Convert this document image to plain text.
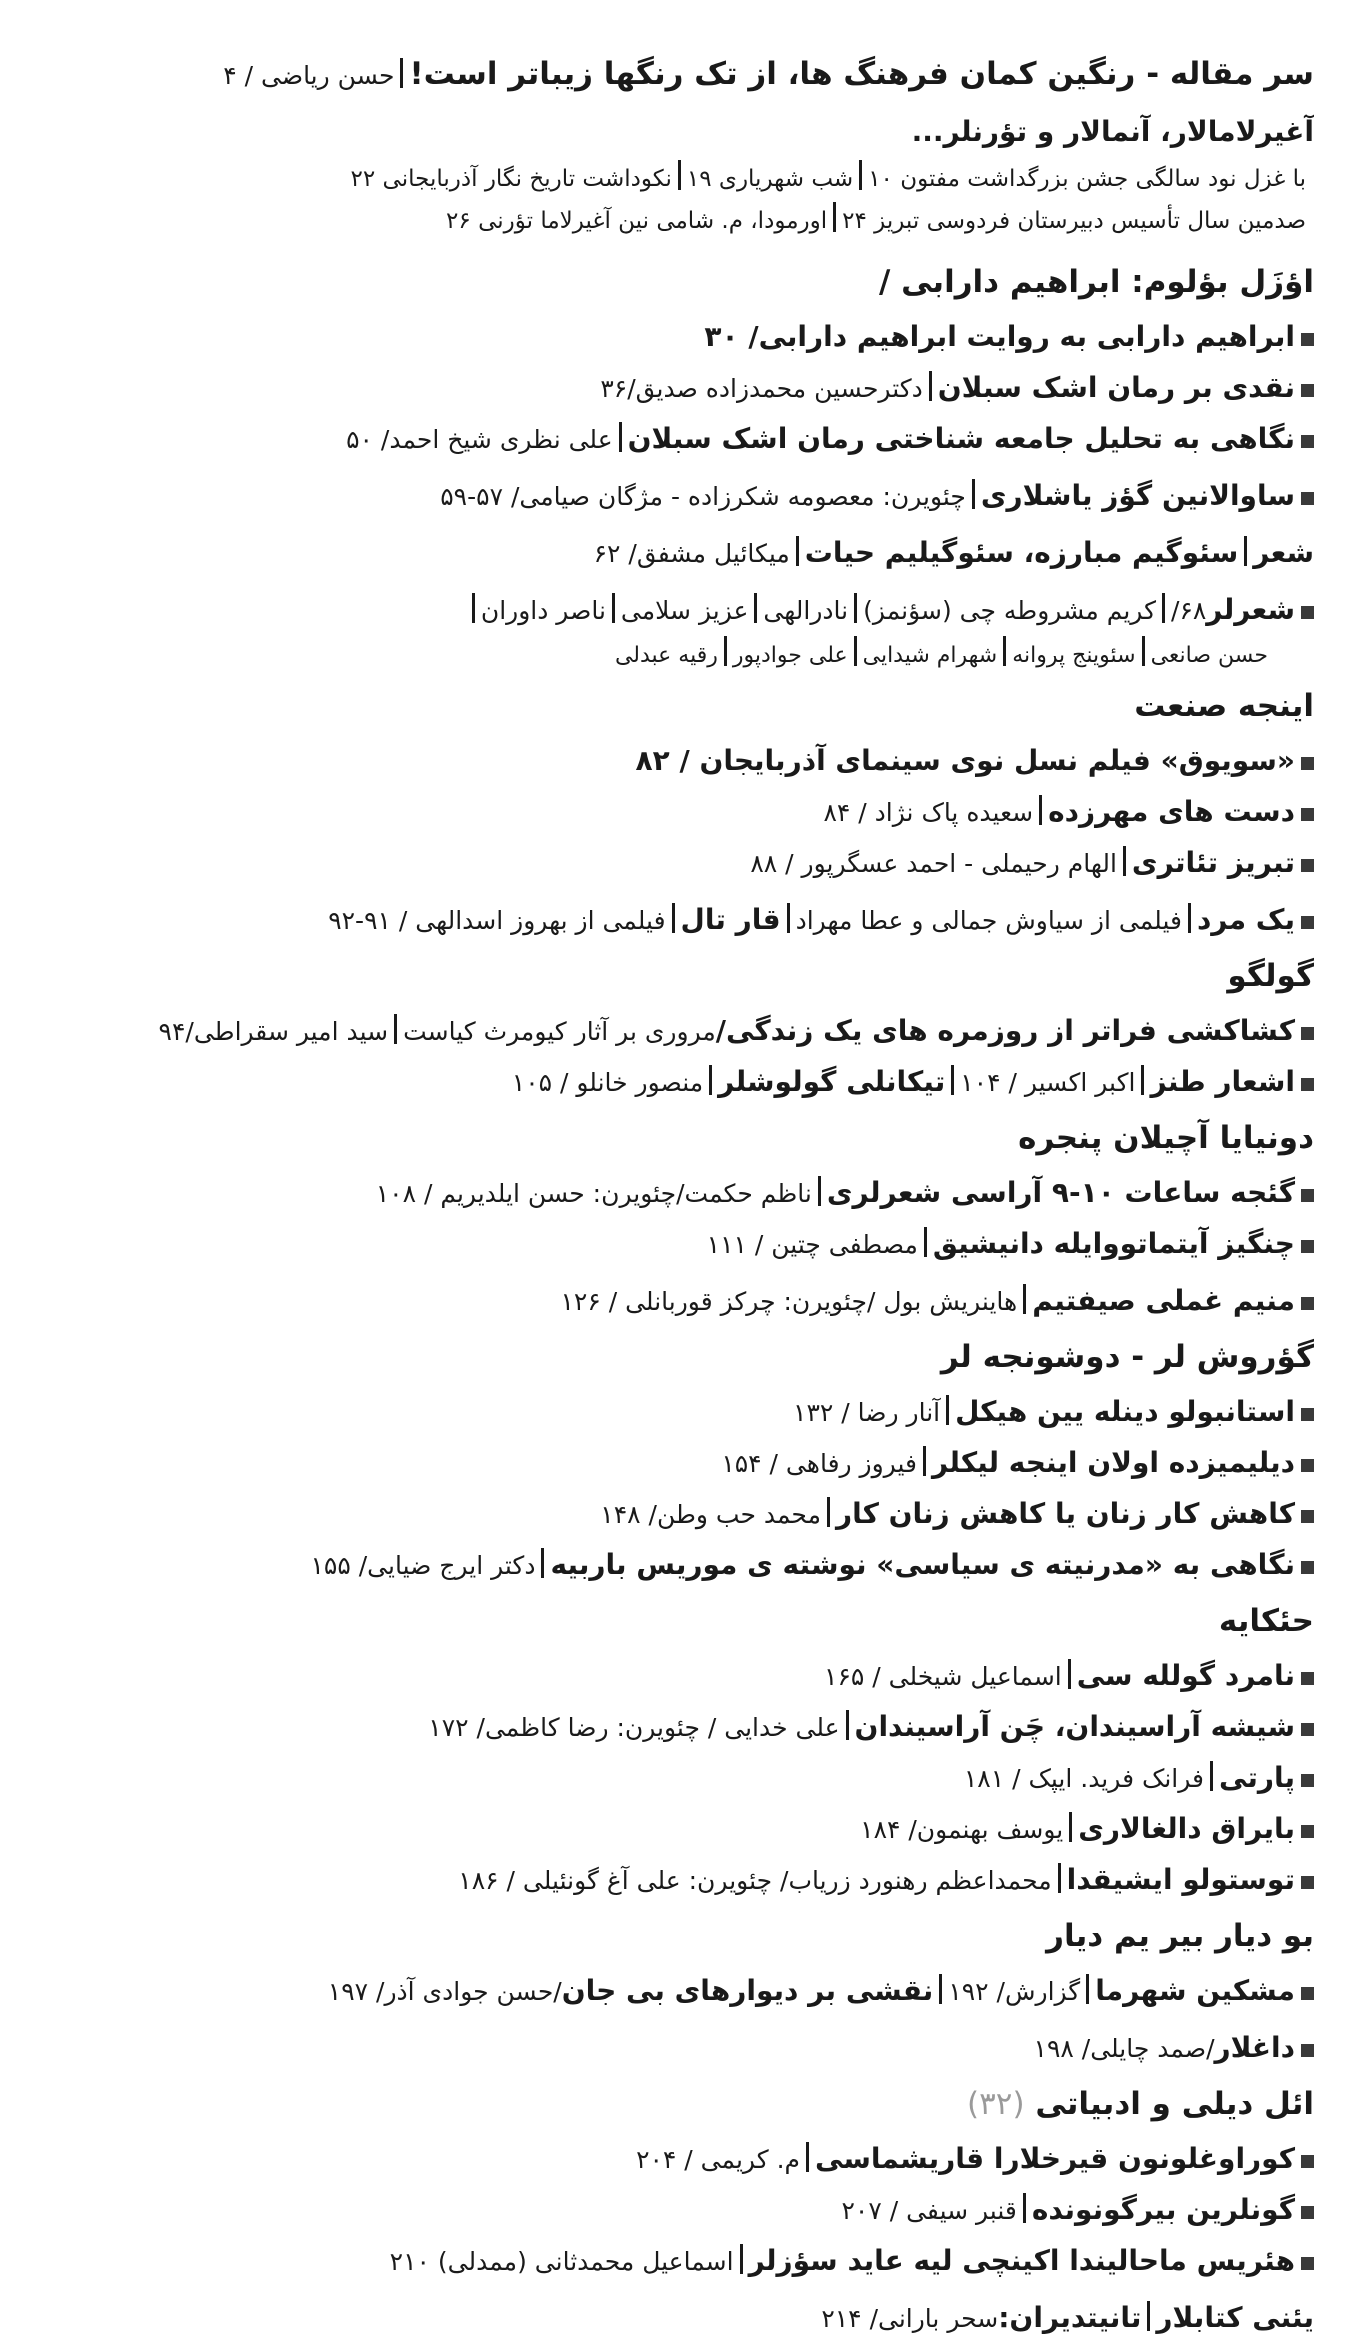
سر مقاله - رنگین کمان فرهنگ ها، از تک رنگها زیباتر است!حسن ریاضی / ۴
آغیرلامالار، آنمالار و تؤرنلر...
با غزل نود سالگی جشن بزرگداشت مفتون ۱۰شب شهریاری ۱۹نکوداشت تاریخ نگار آذربایجانی ۲۲
صدمین سال تأسیس دبیرستان فردوسی تبریز ۲۴اورمودا، م. شامی نین آغیرلاما تؤرنی ۲۶
اؤزَل بؤلوم: ابراهیم دارابی /
ابراهیم دارابی به روایت ابراهیم دارابی/ ۳۰
نقدی بر رمان اشک سبلاندکترحسین محمدزاده صدیق/۳۶
نگاهی به تحلیل جامعه شناختی رمان اشک سبلانعلی نظری شیخ احمد/ ۵۰
ساوالانین گؤز یاشلاریچئویرن: معصومه شکرزاده - مژگان صیامی/ ۵۷-۵۹
شعرسئوگیم مبارزه، سئوگیلیم حیاتمیکائیل مشفق/ ۶۲
شعرلر۶۸/کریم مشروطه چی (سؤنمز)نادرالهیعزیز سلامیناصر داوران
حسن صانعیسئوینج پروانهشهرام شیداییعلی جوادپوررقیه عبدلی
اینجه صنعت
«سویوق» فیلم نسل نوی سینمای آذربایجان / ۸۲
دست های مهرزدهسعیده پاک نژاد / ۸۴
تبریز تئاتریالهام رحیملی - احمد عسگرپور / ۸۸
یک مردفیلمی از سیاوش جمالی و عطا مهرادقار تالفیلمی از بهروز اسدالهی / ۹۱-۹۲
گولگو
کشاکشی فراتر از روزمره های یک زندگی/مروری بر آثار کیومرث کیاستسید امیر سقراطی/۹۴
اشعار طنزاکبر اکسیر / ۱۰۴تیکانلی گولوشلرمنصور خانلو / ۱۰۵
دونیایا آچیلان پنجره
گئجه ساعات ۱۰-۹ آراسی شعرلریناظم حکمت/چئویرن: حسن ایلدیریم / ۱۰۸
چنگیز آیتماتووایله دانیشیقمصطفی چتین / ۱۱۱
منیم غملی صیفتیمهاینریش بول /چئویرن: چرکز قوربانلی / ۱۲۶
گؤروش لر - دوشونجه لر
استانبولو دینله یین هیکلآنار رضا / ۱۳۲
دیلیمیزده اولان اینجه لیکلرفیروز رفاهی / ۱۵۴
کاهش کار زنان یا کاهش زنان کارمحمد حب وطن/ ۱۴۸
نگاهی به «مدرنیته ی سیاسی» نوشته ی موریس باربیهدکتر ایرج ضیایی/ ۱۵۵
حئکایه
نامرد گولله سیاسماعیل شیخلی / ۱۶۵
شیشه آراسیندان، چَن آراسیندانعلی خدایی / چئویرن: رضا کاظمی/ ۱۷۲
پارتیفرانک فرید. ایپک / ۱۸۱
بایراق دالغالارییوسف بهنمون/ ۱۸۴
توستولو ایشیقدامحمداعظم رهنورد زریاب/ چئویرن: علی آغ گونئیلی / ۱۸۶
بو دیار بیر یم دیار
مشکین شهرماگزارش/ ۱۹۲نقشی بر دیوارهای بی جان/حسن جوادی آذر/ ۱۹۷
داغلار/صمد چایلی/ ۱۹۸
ائل دیلی و ادبیاتی (۳۲)
کوراوغلونون قیرخلارا قاریشماسیم. کریمی / ۲۰۴
گونلرین بیرگونوندهقنبر سیفی / ۲۰۷
هئریس ماحالیندا اکینچی لیه عاید سؤزلراسماعیل محمدثانی (ممدلی) ۲۱۰
یئنی کتابلارتانیتدیران:سحر بارانی/ ۲۱۴
